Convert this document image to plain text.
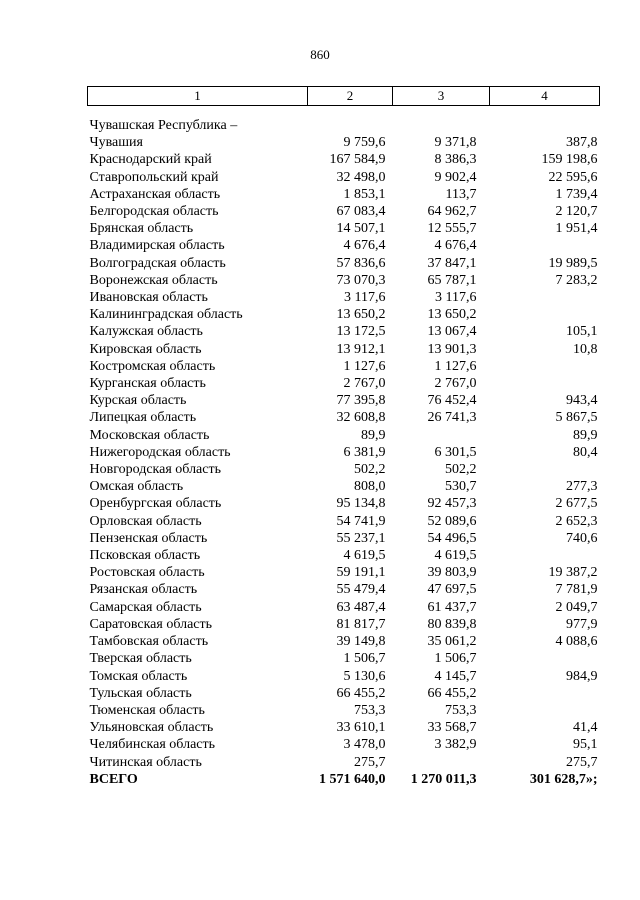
860
1	2	3	4

Чувашская Республика –			

Чувашия	9 759,6	9 371,8	387,8
Краснодарский край	167 584,9	8 386,3	159 198,6
Ставропольский край	32 498,0	9 902,4	22 595,6
Астраханская область	1 853,1	113,7	1 739,4
Белгородская область	67 083,4	64 962,7	2 120,7
Брянская область	14 507,1	12 555,7	1 951,4
Владимирская область	4 676,4	4 676,4	
Волгоградская область	57 836,6	37 847,1	19 989,5
Воронежская область	73 070,3	65 787,1	7 283,2
Ивановская область	3 117,6	3 117,6	
Калининградская область	13 650,2	13 650,2	
Калужская область	13 172,5	13 067,4	105,1
Кировская область	13 912,1	13 901,3	10,8
Костромская область	1 127,6	1 127,6	
Курганская область	2 767,0	2 767,0	
Курская область	77 395,8	76 452,4	943,4
Липецкая область	32 608,8	26 741,3	5 867,5
Московская область	89,9		89,9
Нижегородская область	6 381,9	6 301,5	80,4
Новгородская область	502,2	502,2	
Омская область	808,0	530,7	277,3
Оренбургская область	95 134,8	92 457,3	2 677,5
Орловская область	54 741,9	52 089,6	2 652,3
Пензенская область	55 237,1	54 496,5	740,6
Псковская область	4 619,5	4 619,5	
Ростовская область	59 191,1	39 803,9	19 387,2
Рязанская область	55 479,4	47 697,5	7 781,9
Самарская область	63 487,4	61 437,7	2 049,7
Саратовская область	81 817,7	80 839,8	977,9
Тамбовская область	39 149,8	35 061,2	4 088,6
Тверская область	1 506,7	1 506,7	
Томская область	5 130,6	4 145,7	984,9
Тульская область	66 455,2	66 455,2	
Тюменская область	753,3	753,3	
Ульяновская область	33 610,1	33 568,7	41,4
Челябинская область	3 478,0	3 382,9	95,1
Читинская область	275,7		275,7
ВСЕГО	1 571 640,0	1 270 011,3	301 628,7»;
